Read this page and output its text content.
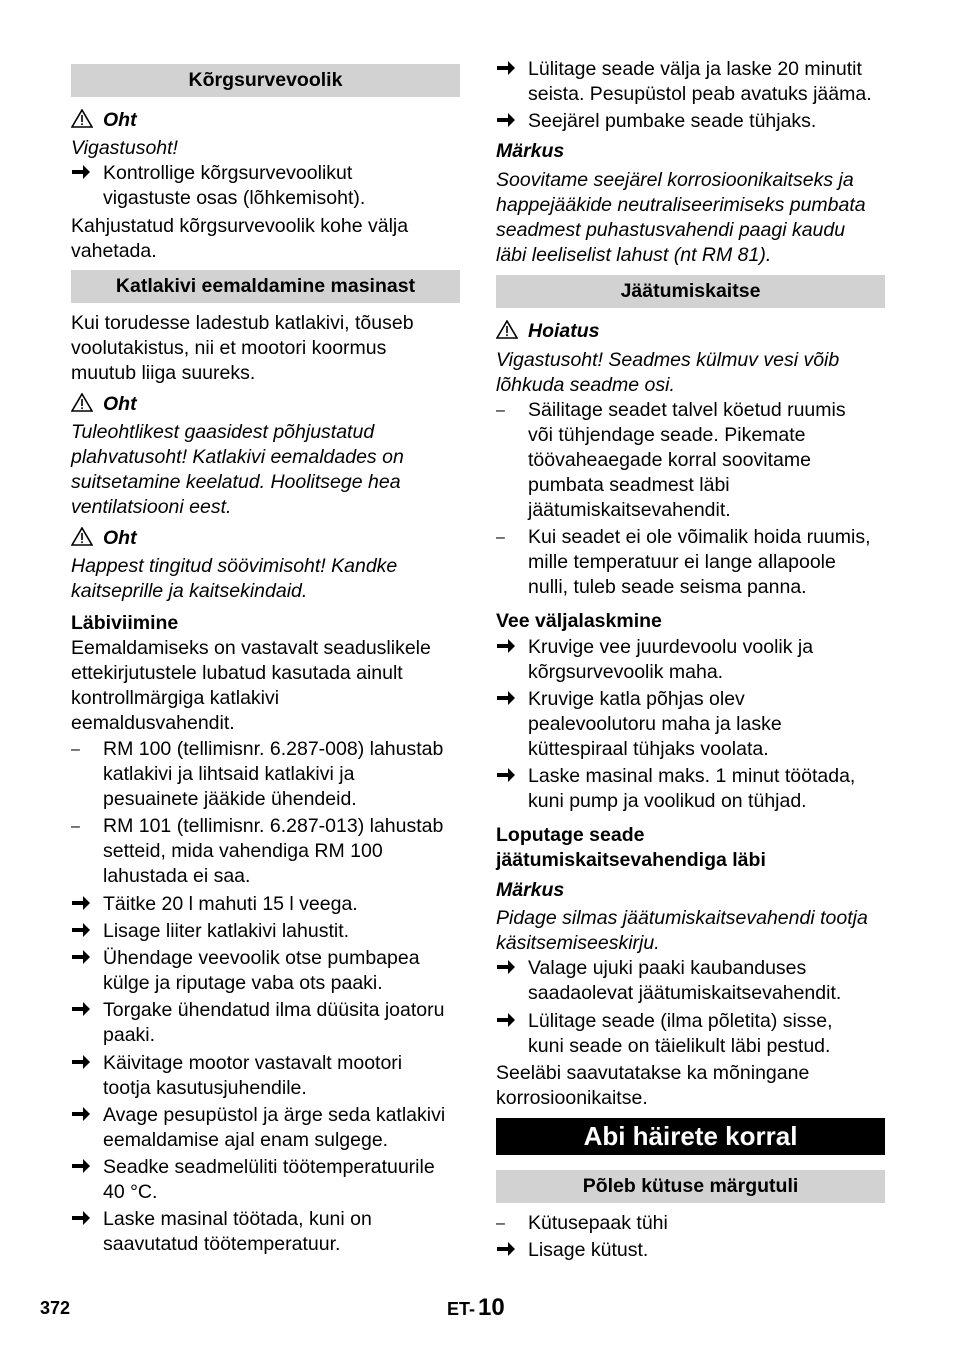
Kõrgsurvevoolik
Oht
Vigastusoht!
Kontrollige kõrgsurvevoolikut
vigastuste osas (lõhkemisoht).
Kahjustatud kõrgsurvevoolik kohe välja
vahetada.
Katlakivi eemaldamine masinast
Kui torudesse ladestub katlakivi, tõuseb
voolutakistus, nii et mootori koormus
muutub liiga suureks.
Oht
Tuleohtlikest gaasidest põhjustatud
plahvatusoht! Katlakivi eemaldades on
suitsetamine keelatud. Hoolitsege hea
ventilatsiooni eest.
Oht
Happest tingitud söövimisoht! Kandke
kaitseprille ja kaitsekindaid.
Läbiviimine
Eemaldamiseks on vastavalt seaduslikele
ettekirjutustele lubatud kasutada ainult
kontrollmärgiga katlakivi
eemaldusvahendit.
–	RM 100 (tellimisnr. 6.287-008) lahustab
katlakivi ja lihtsaid katlakivi ja
pesuainete jääkide ühendeid.
–	RM 101 (tellimisnr. 6.287-013) lahustab
setteid, mida vahendiga RM 100
lahustada ei saa.
Täitke 20 l mahuti 15 l veega.
Lisage liiter katlakivi lahustit.
Ühendage veevoolik otse pumbapea
külge ja riputage vaba ots paaki.
Torgake ühendatud ilma düüsita joatoru
paaki.
Käivitage mootor vastavalt mootori
tootja kasutusjuhendile.
Avage pesupüstol ja ärge seda katlakivi
eemaldamise ajal enam sulgege.
Seadke seadmelüliti töötemperatuurile
40 °C.
Laske masinal töötada, kuni on
saavutatud töötemperatuur.
Lülitage seade välja ja laske 20 minutit
seista. Pesupüstol peab avatuks jääma.
Seejärel pumbake seade tühjaks.
Märkus
Soovitame seejärel korrosioonikaitseks ja
happejääkide neutraliseerimiseks pumbata
seadmest puhastusvahendi paagi kaudu
läbi leeliselist lahust (nt RM 81).
Jäätumiskaitse
Hoiatus
Vigastusoht! Seadmes külmuv vesi võib
lõhkuda seadme osi.
–	Säilitage seadet talvel köetud ruumis
või tühjendage seade. Pikemate
töövaheaegade korral soovitame
pumbata seadmest läbi
jäätumiskaitsevahendit.
–	Kui seadet ei ole võimalik hoida ruumis,
mille temperatuur ei lange allapoole
nulli, tuleb seade seisma panna.
Vee väljalaskmine
Kruvige vee juurdevoolu voolik ja
kõrgsurvevoolik maha.
Kruvige katla põhjas olev
pealevoolutoru maha ja laske
küttespiraal tühjaks voolata.
Laske masinal maks. 1 minut töötada,
kuni pump ja voolikud on tühjad.
Loputage seade
jäätumiskaitsevahendiga läbi
Märkus
Pidage silmas jäätumiskaitsevahendi tootja
käsitsemiseeskirju.
Valage ujuki paaki kaubanduses
saadaolevat jäätumiskaitsevahendit.
Lülitage seade (ilma põletita) sisse,
kuni seade on täielikult läbi pestud.
Seeläbi saavutatakse ka mõningane
korrosioonikaitse.
Abi häirete korral
Põleb kütuse märgutuli
–	Kütusepaak tühi
Lisage kütust.
372	ET- 10
